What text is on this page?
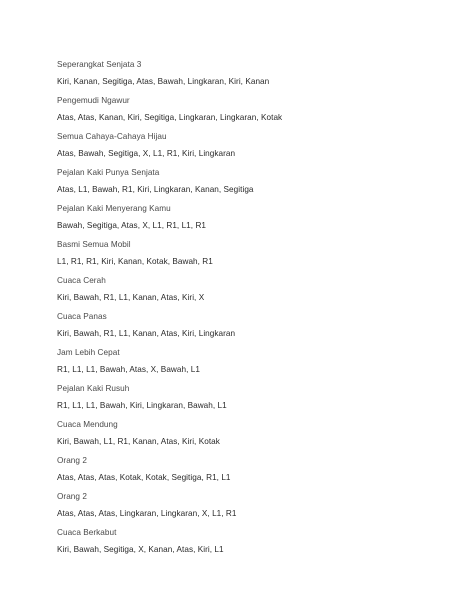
Seperangkat Senjata 3
Kiri, Kanan, Segitiga, Atas, Bawah, Lingkaran, Kiri, Kanan
Pengemudi Ngawur
Atas, Atas, Kanan, Kiri, Segitiga, Lingkaran, Lingkaran, Kotak
Semua Cahaya-Cahaya Hijau
Atas, Bawah, Segitiga, X, L1, R1, Kiri, Lingkaran
Pejalan Kaki Punya Senjata
Atas, L1, Bawah, R1, Kiri, Lingkaran, Kanan, Segitiga
Pejalan Kaki Menyerang Kamu
Bawah, Segitiga, Atas, X, L1, R1, L1, R1
Basmi Semua Mobil
L1, R1, R1, Kiri, Kanan, Kotak, Bawah, R1
Cuaca Cerah
Kiri, Bawah, R1, L1, Kanan, Atas, Kiri, X
Cuaca Panas
Kiri, Bawah, R1, L1, Kanan, Atas, Kiri, Lingkaran
Jam Lebih Cepat
R1, L1, L1, Bawah, Atas, X, Bawah, L1
Pejalan Kaki Rusuh
R1, L1, L1, Bawah, Kiri, Lingkaran, Bawah, L1
Cuaca Mendung
Kiri, Bawah, L1, R1, Kanan, Atas, Kiri, Kotak
Orang 2
Atas, Atas, Atas, Kotak, Kotak, Segitiga, R1, L1
Orang 2
Atas, Atas, Atas, Lingkaran, Lingkaran, X, L1, R1
Cuaca Berkabut
Kiri, Bawah, Segitiga, X, Kanan, Atas, Kiri, L1
